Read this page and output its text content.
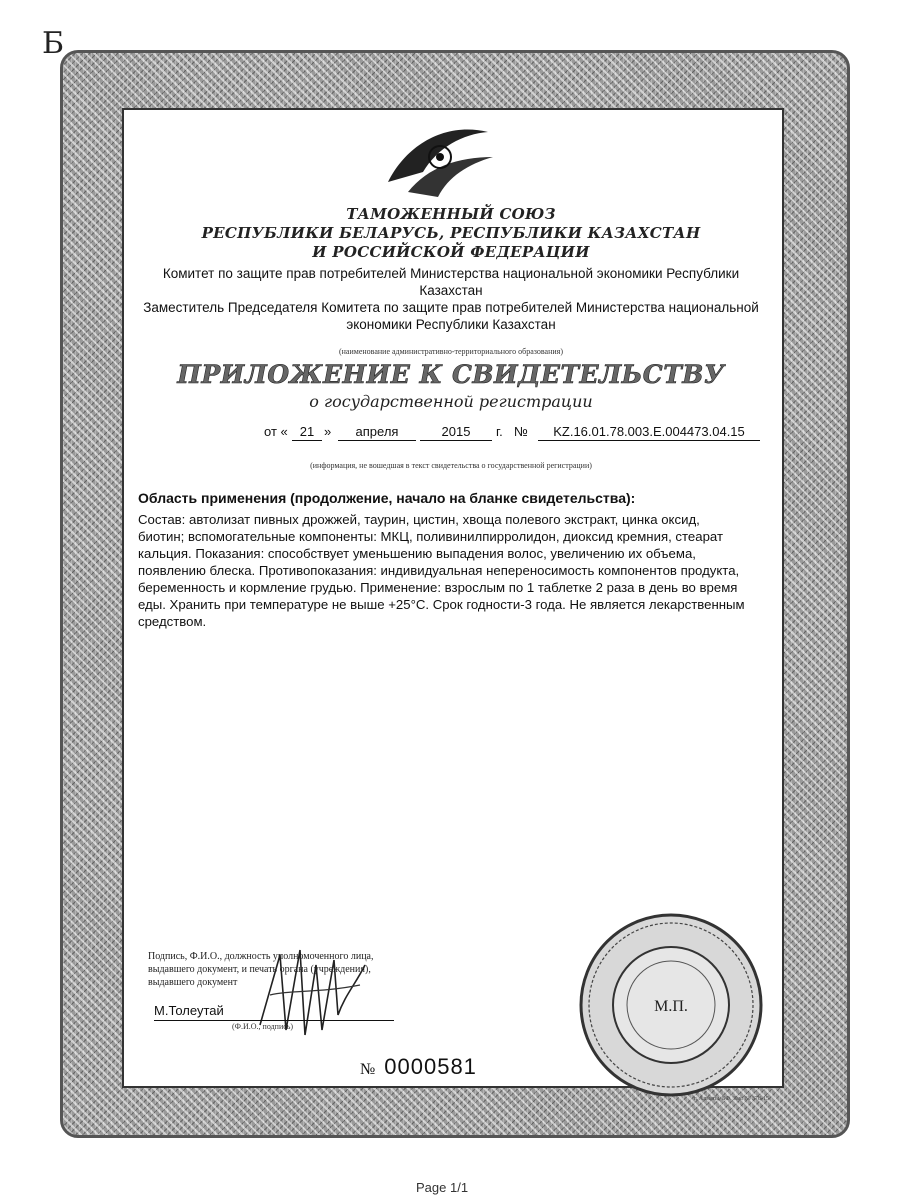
Б
ТАМОЖЕННЫЙ СОЮЗ
РЕСПУБЛИКИ БЕЛАРУСЬ, РЕСПУБЛИКИ КАЗАХСТАН
И РОССИЙСКОЙ ФЕДЕРАЦИИ
Комитет по защите прав потребителей Министерства национальной экономики Республики
Казахстан
Заместитель Председателя Комитета по защите прав потребителей Министерства национальной
экономики Республики Казахстан
(наименование административно-территориального образования)
ПРИЛОЖЕНИЕ К СВИДЕТЕЛЬСТВУ
о государственной регистрации
от « 21 »	апреля	2015	г. №	KZ.16.01.78.003.E.004473.04.15
(информация, не вошедшая в текст свидетельства о государственной регистрации)
Область применения (продолжение, начало на бланке свидетельства):
Состав: автолизат пивных дрожжей, таурин, цистин, хвоща полевого экстракт, цинка оксид,
биотин; вспомогательные компоненты: МКЦ, поливинилпирролидон, диоксид кремния, стеарат
кальция. Показания: способствует уменьшению выпадения волос, увеличению их объема,
появлению блеска. Противопоказания: индивидуальная непереносимость компонентов продукта,
беременность и кормление грудью. Применение: взрослым по 1 таблетке 2 раза в день во время
еды. Хранить при температуре не выше +25°С. Срок годности-3 года. Не является лекарственным
средством.
Подпись, Ф.И.О., должность уполномоченного лица,
выдавшего документ, и печать органа (учреждения),
выдавшего документ
М.Толеутай
(Ф.И.О., подпись)
М.П.
№ 0000581
г. Алматы, БФ. Зак. № 378-15
Page 1/1
